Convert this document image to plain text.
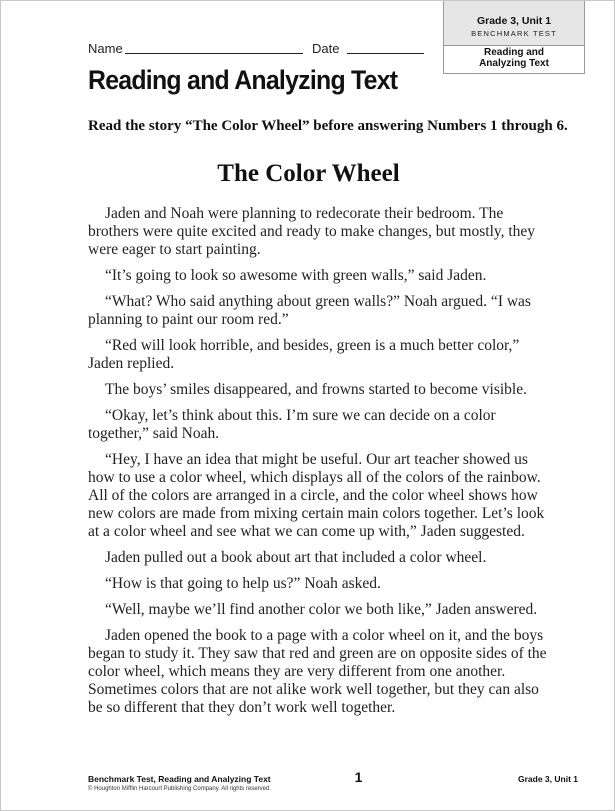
Name	Date
Grade 3, Unit 1
BENCHMARK TEST
Reading and
Analyzing Text
Reading and Analyzing Text
Read the story “The Color Wheel” before answering Numbers 1 through 6.
The Color Wheel

Jaden and Noah were planning to redecorate their bedroom. The brothers were quite excited and ready to make changes, but mostly, they were eager to start painting.

“It’s going to look so awesome with green walls,” said Jaden.

“What? Who said anything about green walls?” Noah argued. “I was planning to paint our room red.”

“Red will look horrible, and besides, green is a much better color,” Jaden replied.

The boys’ smiles disappeared, and frowns started to become visible.

“Okay, let’s think about this. I’m sure we can decide on a color together,” said Noah.

“Hey, I have an idea that might be useful. Our art teacher showed us how to use a color wheel, which displays all of the colors of the rainbow. All of the colors are arranged in a circle, and the color wheel shows how new colors are made from mixing certain main colors together. Let’s look at a color wheel and see what we can come up with,” Jaden suggested.

Jaden pulled out a book about art that included a color wheel.

“How is that going to help us?” Noah asked.

“Well, maybe we’ll find another color we both like,” Jaden answered.

Jaden opened the book to a page with a color wheel on it, and the boys began to study it. They saw that red and green are on opposite sides of the color wheel, which means they are very different from one another. Sometimes colors that are not alike work well together, but they can also be so different that they don’t work well together.

Benchmark Test, Reading and Analyzing Text
© Houghton Mifflin Harcourt Publishing Company. All rights reserved.
1	Grade 3, Unit 1
